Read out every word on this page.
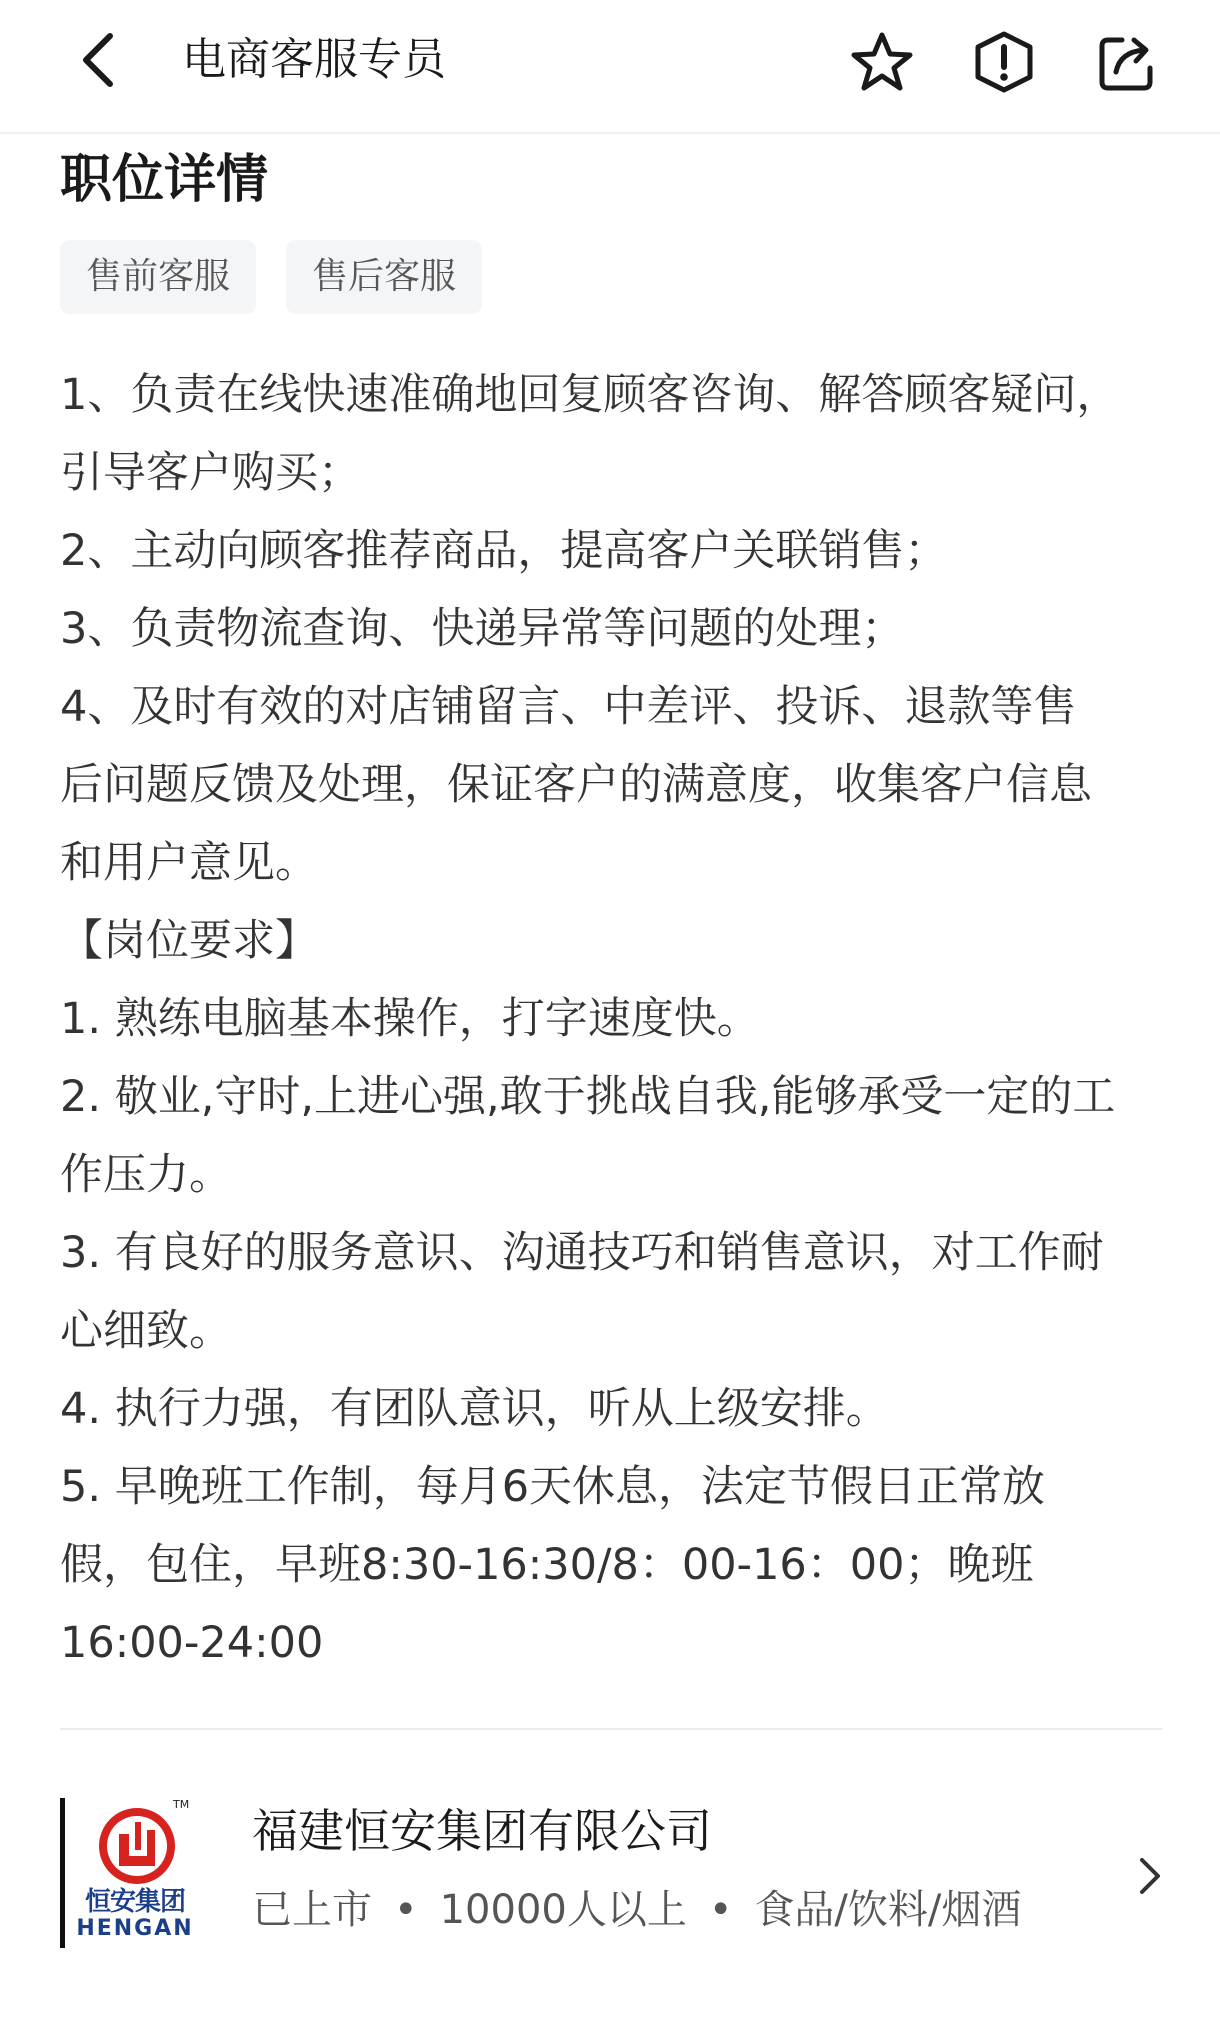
电商客服专员
职位详情
售前客服	售后客服
1、负责在线快速准确地回复顾客咨询、解答顾客疑问，
引导客户购买；
2、主动向顾客推荐商品，提高客户关联销售；
3、负责物流查询、快递异常等问题的处理；
4、及时有效的对店铺留言、中差评、投诉、退款等售
后问题反馈及处理，保证客户的满意度，收集客户信息
和用户意见。
【岗位要求】
1. 熟练电脑基本操作，打字速度快。
2. 敬业,守时,上进心强,敢于挑战自我,能够承受一定的工
作压力。
3. 有良好的服务意识、沟通技巧和销售意识，对工作耐
心细致。
4. 执行力强，有团队意识，听从上级安排。
5. 早晚班工作制，每月6天休息，法定节假日正常放
假，包住，早班8:30-16:30/8：00-16：00；晚班
16:00-24:00
TM
恒安集团
HENGAN
福建恒安集团有限公司
已上市 • 10000人以上 • 食品/饮料/烟酒
